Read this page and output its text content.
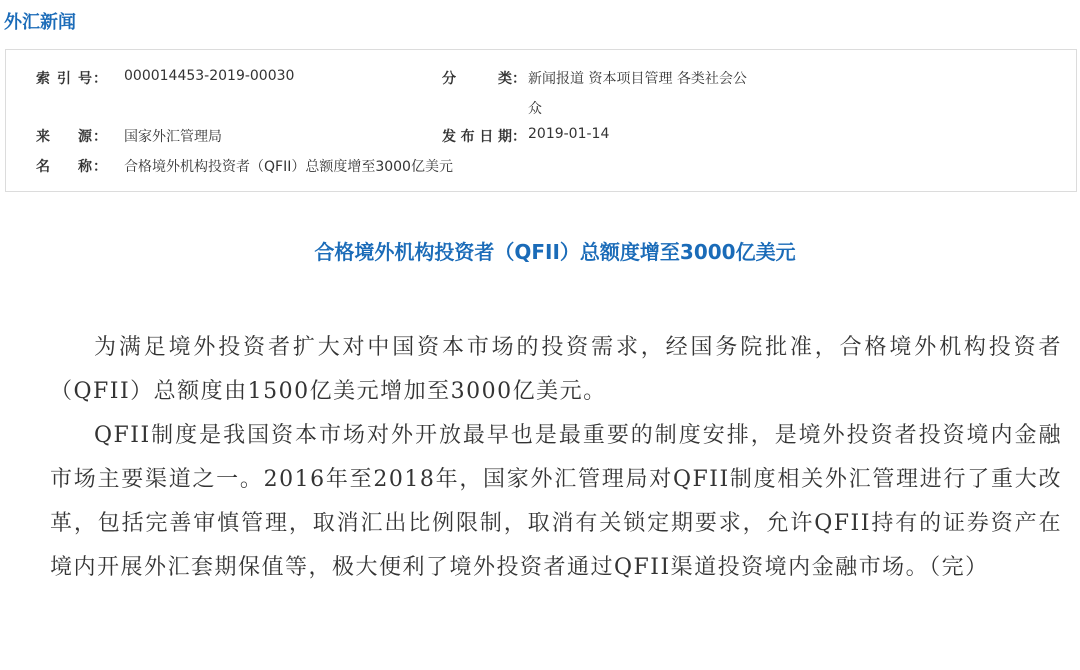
外汇新闻
索引号 ： 000014453-2019-00030	分类 ： 新闻报道 资本项目管理 各类社会公
众
来源 ： 国家外汇管理局	发布日期 ： 2019-01-14
名称 ： 合格境外机构投资者（QFII）总额度增至3000亿美元
合格境外机构投资者（QFII）总额度增至3000亿美元

为满足境外投资者扩大对中国资本市场的投资需求，经国务院批准，合格境外机构投资者（QFII）总额度由1500亿美元增加至3000亿美元。

QFII制度是我国资本市场对外开放最早也是最重要的制度安排，是境外投资者投资境内金融市场主要渠道之一。2016年至2018年，国家外汇管理局对QFII制度相关外汇管理进行了重大改革，包括完善审慎管理，取消汇出比例限制，取消有关锁定期要求，允许QFII持有的证券资产在境内开展外汇套期保值等，极大便利了境外投资者通过QFII渠道投资境内金融市场。（完）
